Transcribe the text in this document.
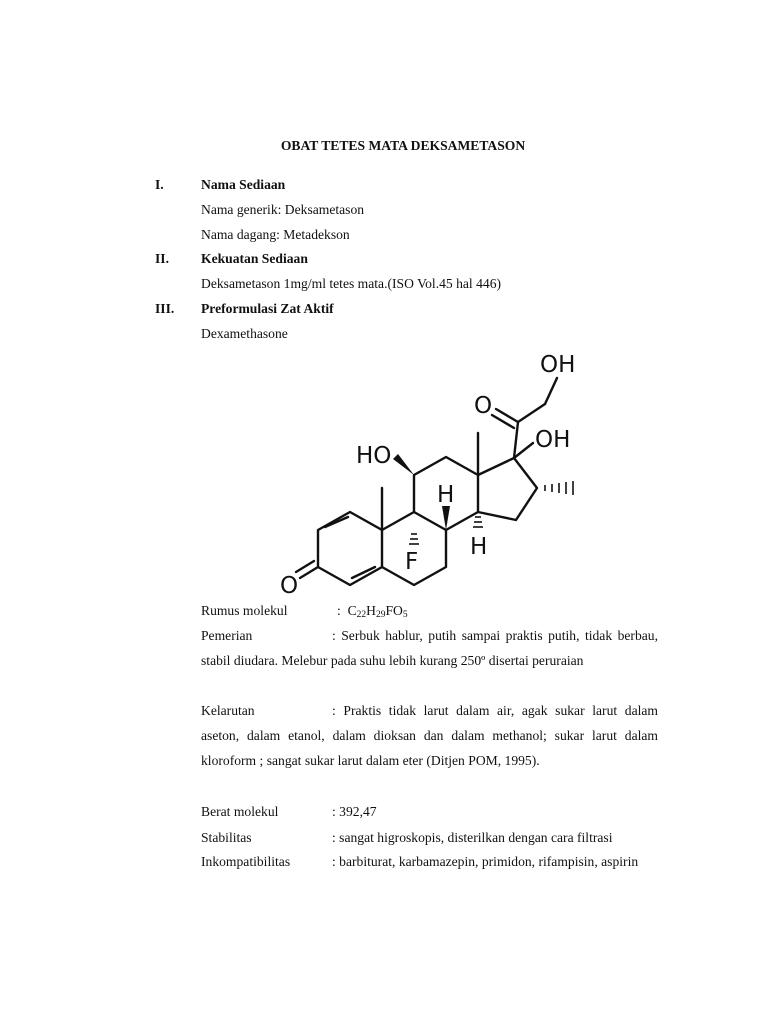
OBAT TETES MATA DEKSAMETASON
I.	Nama Sediaan
Nama generik: Deksametason
Nama dagang: Metadekson
II. Kekuatan Sediaan
Deksametason 1mg/ml tetes mata.(ISO Vol.45 hal 446)
III. Preformulasi Zat Aktif
Dexamethasone
OH
O
OH
HO
H
F
H
O
Rumus molekul	: $C_{22}H_{29}FO_5$
Pemerian	: Serbuk hablur, putih sampai praktis putih, tidak berbau, stabil diudara. Melebur pada suhu lebih kurang 250º disertai peruraian
Kelarutan	: Praktis tidak larut dalam air, agak sukar larut dalam aseton, dalam etanol, dalam dioksan dan dalam methanol; sukar larut dalam kloroform ; sangat sukar larut dalam eter (Ditjen POM, 1995).
Berat molekul	: 392,47
Stabilitas	: sangat higroskopis, disterilkan dengan cara filtrasi
Inkompatibilitas	: barbiturat, karbamazepin, primidon, rifampisin, aspirin
